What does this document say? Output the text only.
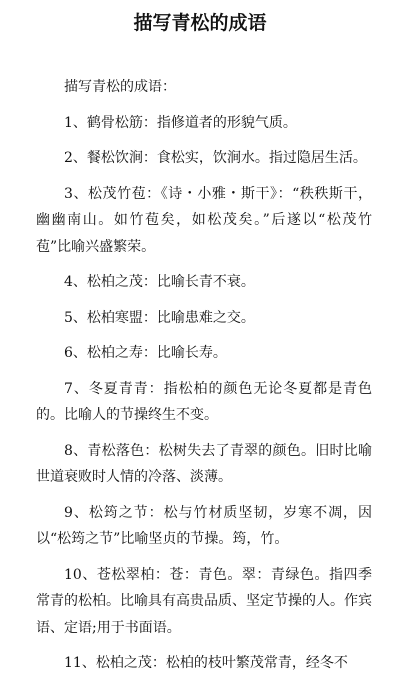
描写青松的成语

描写青松的成语：

1、鹤骨松筋：指修道者的形貌气质。

2、餐松饮涧：食松实，饮涧水。指过隐居生活。

3、松茂竹苞：《诗・小雅・斯干》：“秩秩斯干，幽幽南山。如竹苞矣，如松茂矣。”后遂以“松茂竹苞”比喻兴盛繁荣。

4、松柏之茂：比喻长青不衰。

5、松柏寒盟：比喻患难之交。

6、松柏之寿：比喻长寿。

7、冬夏青青：指松柏的颜色无论冬夏都是青色的。比喻人的节操终生不变。

8、青松落色：松树失去了青翠的颜色。旧时比喻世道衰败时人情的冷落、淡薄。

9、松筠之节：松与竹材质坚韧，岁寒不凋，因以“松筠之节”比喻坚贞的节操。筠，竹。

10、苍松翠柏：苍：青色。翠：青绿色。指四季常青的松柏。比喻具有高贵品质、坚定节操的人。作宾语、定语;用于书面语。

11、松柏之茂：松柏的枝叶繁茂常青，经冬不
